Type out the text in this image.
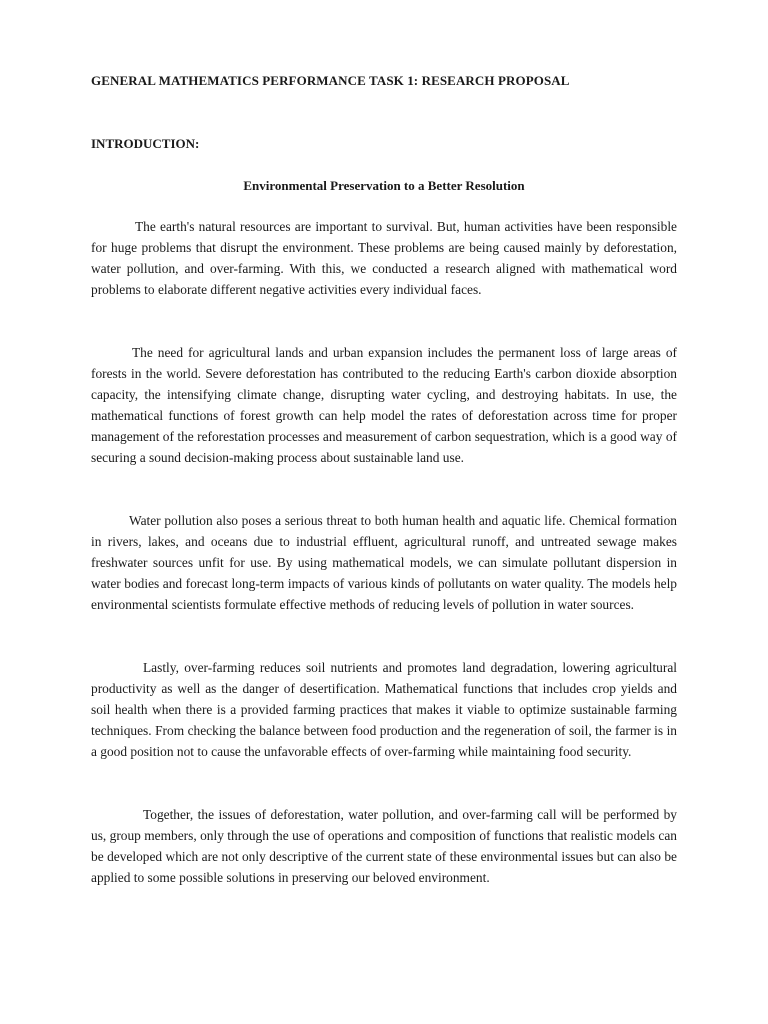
GENERAL MATHEMATICS PERFORMANCE TASK 1: RESEARCH PROPOSAL
INTRODUCTION:
Environmental Preservation to a Better Resolution

The earth's natural resources are important to survival. But, human activities have been responsible for huge problems that disrupt the environment. These problems are being caused mainly by deforestation, water pollution, and over-farming. With this, we conducted a research aligned with mathematical word problems to elaborate different negative activities every individual faces.

The need for agricultural lands and urban expansion includes the permanent loss of large areas of forests in the world. Severe deforestation has contributed to the reducing Earth's carbon dioxide absorption capacity, the intensifying climate change, disrupting water cycling, and destroying habitats. In use, the mathematical functions of forest growth can help model the rates of deforestation across time for proper management of the reforestation processes and measurement of carbon sequestration, which is a good way of securing a sound decision-making process about sustainable land use.

Water pollution also poses a serious threat to both human health and aquatic life. Chemical formation in rivers, lakes, and oceans due to industrial effluent, agricultural runoff, and untreated sewage makes freshwater sources unfit for use. By using mathematical models, we can simulate pollutant dispersion in water bodies and forecast long-term impacts of various kinds of pollutants on water quality. The models help environmental scientists formulate effective methods of reducing levels of pollution in water sources.

Lastly, over-farming reduces soil nutrients and promotes land degradation, lowering agricultural productivity as well as the danger of desertification. Mathematical functions that includes crop yields and soil health when there is a provided farming practices that makes it viable to optimize sustainable farming techniques. From checking the balance between food production and the regeneration of soil, the farmer is in a good position not to cause the unfavorable effects of over-farming while maintaining food security.

Together, the issues of deforestation, water pollution, and over-farming call will be performed by us, group members, only through the use of operations and composition of functions that realistic models can be developed which are not only descriptive of the current state of these environmental issues but can also be applied to some possible solutions in preserving our beloved environment.
